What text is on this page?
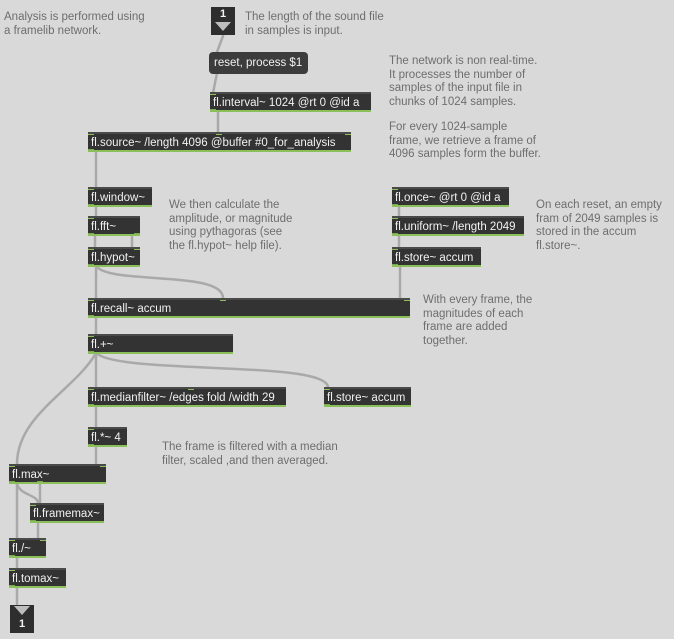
Analysis is performed using
a framelib network.
The length of the sound file
in samples is input.
The network is non real-time.
It processes the number of
samples of the input file in
chunks of 1024 samples.
For every 1024-sample
frame, we retrieve a frame of
4096 samples form the buffer.
We then calculate the
amplitude, or magnitude
using pythagoras (see
the fl.hypot~ help file).
On each reset, an empty
fram of 2049 samples is
stored in the accum
fl.store~.
With every frame, the
magnitudes of each
frame are added
together.
The frame is filtered with a median
filter, scaled ,and then averaged.
1
1
reset, process $1
fl.interval~ 1024 @rt 0 @id a
fl.source~ /length 4096 @buffer #0_for_analysis
fl.window~
fl.fft~
fl.hypot~
fl.once~ @rt 0 @id a
fl.uniform~ /length 2049
fl.store~ accum
fl.recall~ accum
fl.+~
fl.medianfilter~ /edges fold /width 29	fl.store~ accum
fl.*~ 4
fl.max~
fl.framemax~
fl./~
fl.tomax~
